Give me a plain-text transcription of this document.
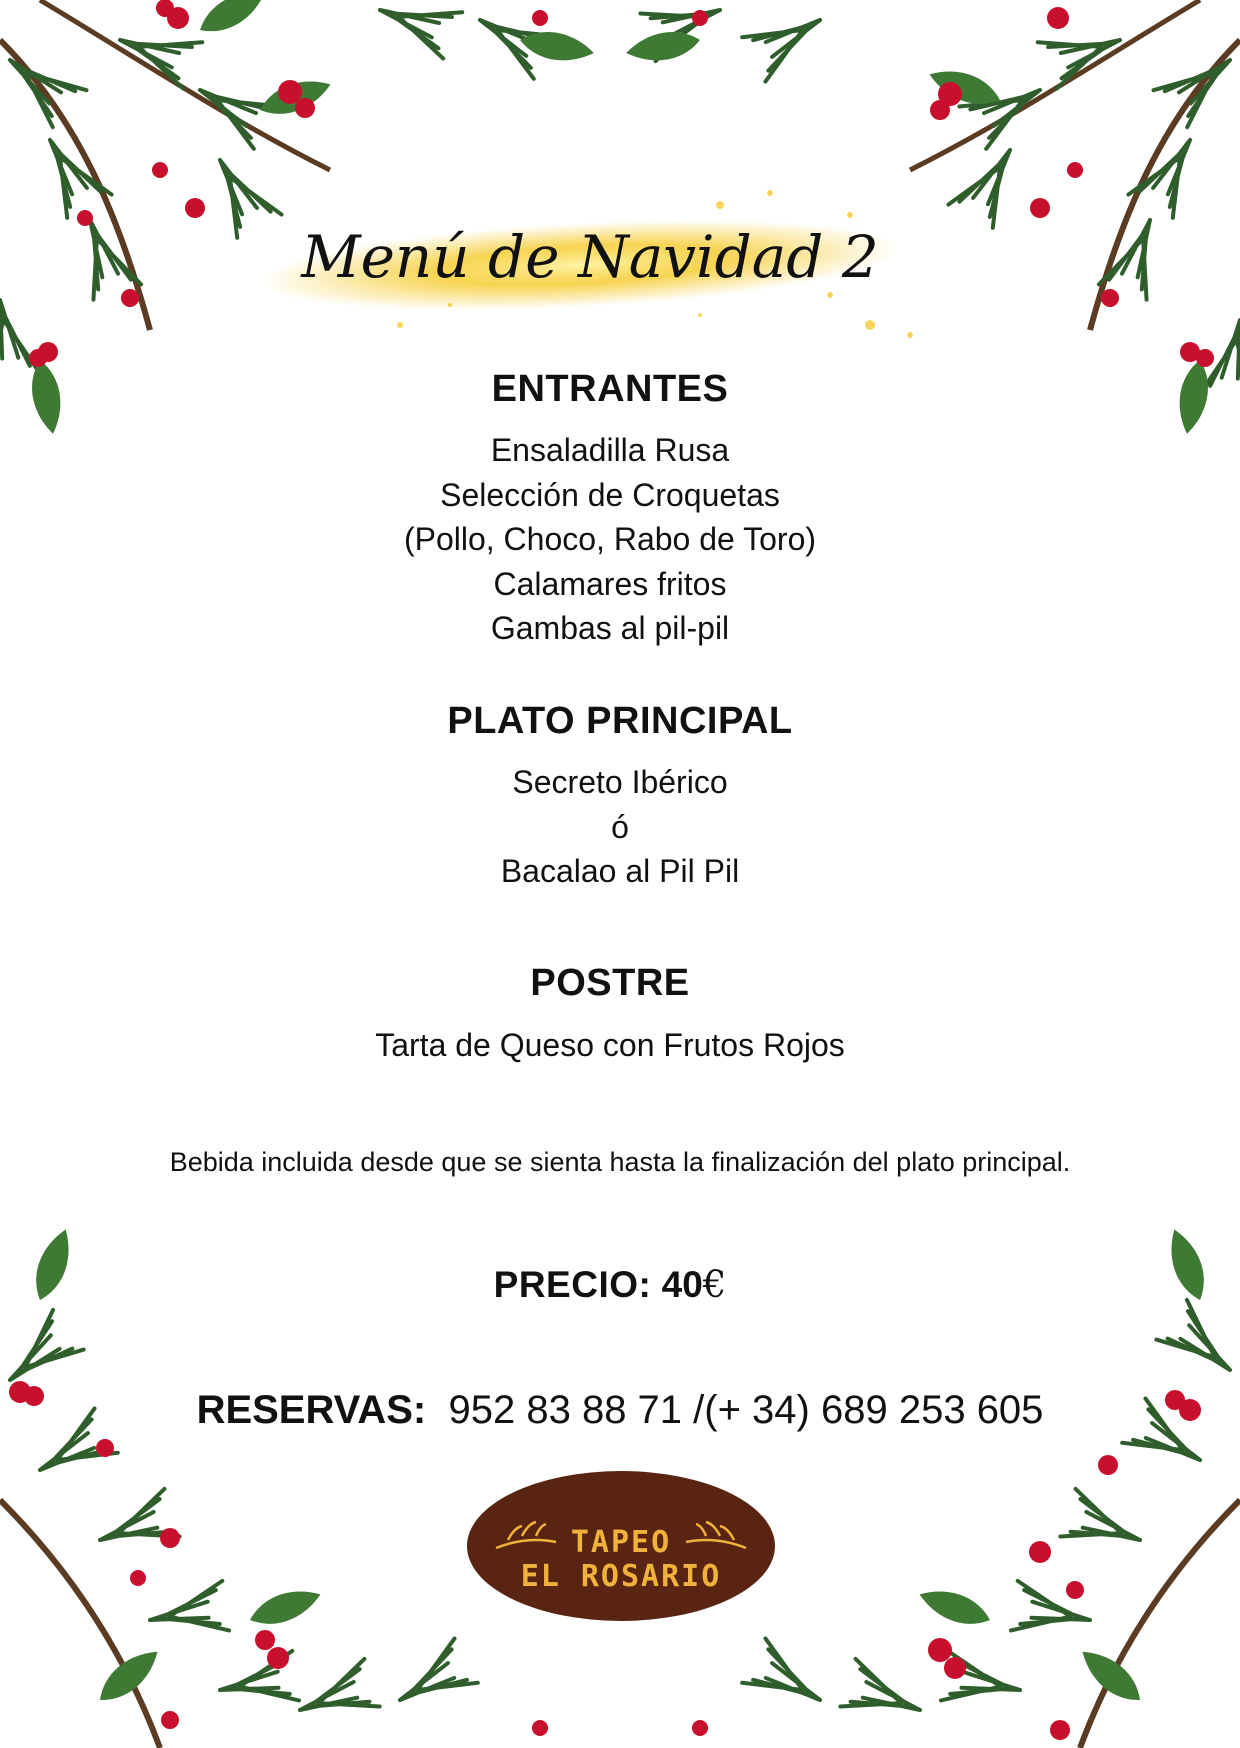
Menú de Navidad 2
ENTRANTES
Ensaladilla Rusa
Selección de Croquetas
(Pollo, Choco, Rabo de Toro)
Calamares fritos
Gambas al pil-pil
PLATO PRINCIPAL
Secreto Ibérico
ó
Bacalao al Pil Pil
POSTRE
Tarta de Queso con Frutos Rojos
Bebida incluida desde que se sienta hasta la finalización del plato principal.
PRECIO: 40€
RESERVAS: 952 83 88 71 /(+ 34) 689 253 605
TAPEO
EL ROSARIO
